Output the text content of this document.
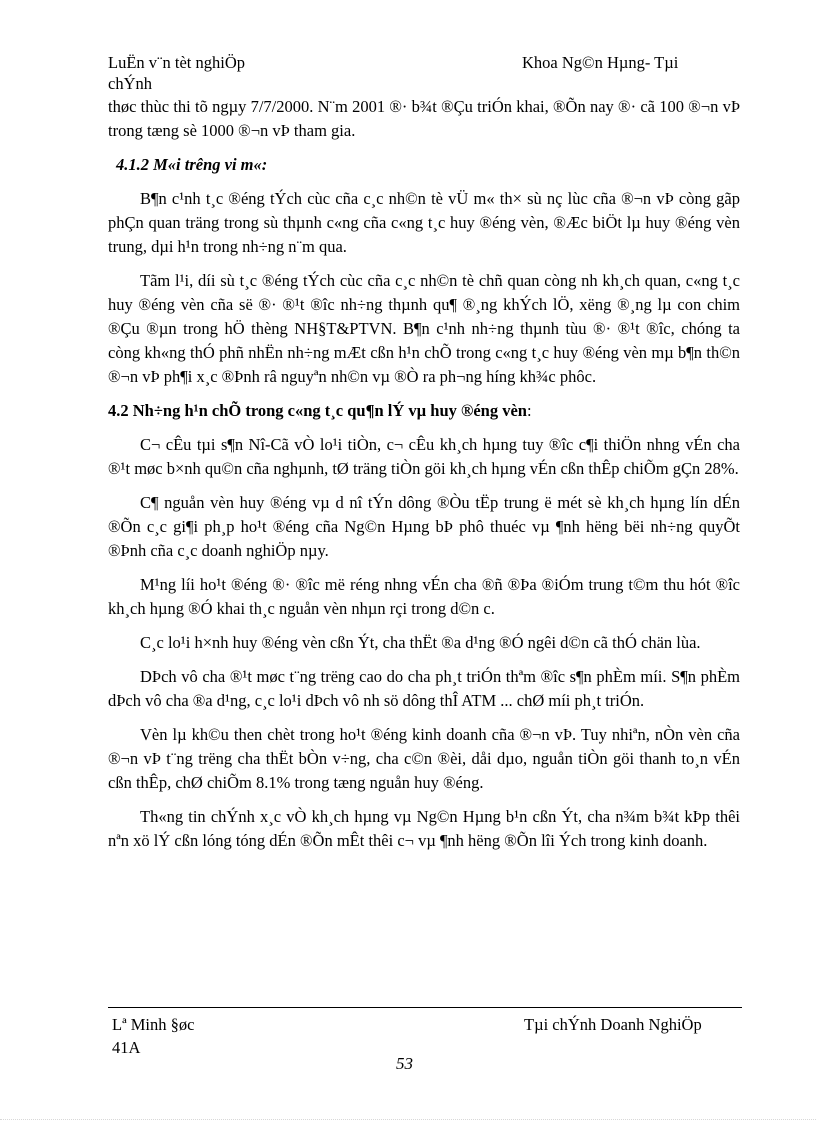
LuËn v¨n tèt nghiÖp
chÝnh
Khoa Ng©n Hµng- Tµi

thøc thùc thi tõ ngµy 7/7/2000. N¨m 2001 ®· b¾t ®Çu triÓn khai, ®Õn nay ®· cã 100 ®¬n vÞ trong tæng sè 1000 ®¬n vÞ tham gia.

4.1.2 M«i trêng vi m«:

B¶n c¹nh t¸c ®éng tÝch cùc cña c¸c nh©n tè vÜ m« th× sù nç lùc cña ®¬n vÞ còng gãp phÇn quan träng trong sù thµnh c«ng cña c«ng t¸c huy ®éng vèn, ®Æc biÖt lµ huy ®éng vèn trung, dµi h¹n trong nh÷ng n¨m qua.

Tãm l¹i, díi sù t¸c ®éng tÝch cùc cña c¸c nh©n tè chñ quan còng nh kh¸ch quan, c«ng t¸c huy ®éng vèn cña së ®· ®¹t ®îc nh÷ng thµnh qu¶ ®¸ng khÝch lÖ, xëng ®¸ng lµ con chim ®Çu ®µn trong hÖ thèng NH§T&PTVN. B¶n c¹nh nh÷ng thµnh tùu ®· ®¹t ®îc, chóng ta còng kh«ng thÓ phñ nhËn nh÷ng mÆt cßn h¹n chÕ trong c«ng t¸c huy ®éng vèn mµ b¶n th©n ®¬n vÞ ph¶i x¸c ®Þnh râ nguyªn nh©n vµ ®Ò ra ph¬ng híng kh¾c phôc.

4.2 Nh÷ng h¹n chÕ trong c«ng t¸c qu¶n lÝ vµ huy ®éng vèn:

C¬ cÊu tµi s¶n Nî-Cã vÒ lo¹i tiÒn, c¬ cÊu kh¸ch hµng tuy ®îc c¶i thiÖn nhng vÉn cha ®¹t møc b×nh qu©n cña nghµnh, tØ träng tiÒn göi kh¸ch hµng vÉn cßn thÊp chiÕm gÇn 28%.

C¶ nguån vèn huy ®éng vµ d nî tÝn dông ®Òu tËp trung ë mét sè kh¸ch hµng lín dÉn ®Õn c¸c gi¶i ph¸p ho¹t ®éng cña Ng©n Hµng bÞ phô thuéc vµ ¶nh hëng bëi nh÷ng quyÕt ®Þnh cña c¸c doanh nghiÖp nµy.

M¹ng líi ho¹t ®éng ®· ®îc më réng nhng vÉn cha ®ñ ®Þa ®iÓm trung t©m thu hót ®îc kh¸ch hµng ®Ó khai th¸c nguån vèn nhµn rçi trong d©n c.

C¸c lo¹i h×nh huy ®éng vèn cßn Ýt, cha thËt ®a d¹ng ®Ó ngêi d©n cã thÓ chän lùa.

DÞch vô cha ®¹t møc t¨ng trëng cao do cha ph¸t triÓn thªm ®îc s¶n phÈm míi. S¶n phÈm dÞch vô cha ®a d¹ng, c¸c lo¹i dÞch vô nh sö dông thÎ ATM ... chØ míi ph¸t triÓn.

Vèn lµ kh©u then chèt trong ho¹t ®éng kinh doanh cña ®¬n vÞ. Tuy nhiªn, nÒn vèn cña ®¬n vÞ t¨ng trëng cha thËt bÒn v÷ng, cha c©n ®èi, dåi dµo, nguån tiÒn göi thanh to¸n vÉn cßn thÊp, chØ chiÕm 8.1% trong tæng nguån huy ®éng.

Th«ng tin chÝnh x¸c vÒ kh¸ch hµng vµ Ng©n Hµng b¹n cßn Ýt, cha n¾m b¾t kÞp thêi nªn xö lÝ cßn lóng tóng dÉn ®Õn mÊt thêi c¬ vµ ¶nh hëng ®Õn lîi Ých trong kinh doanh.

Lª Minh §øc
41A
Tµi chÝnh Doanh NghiÖp
53
